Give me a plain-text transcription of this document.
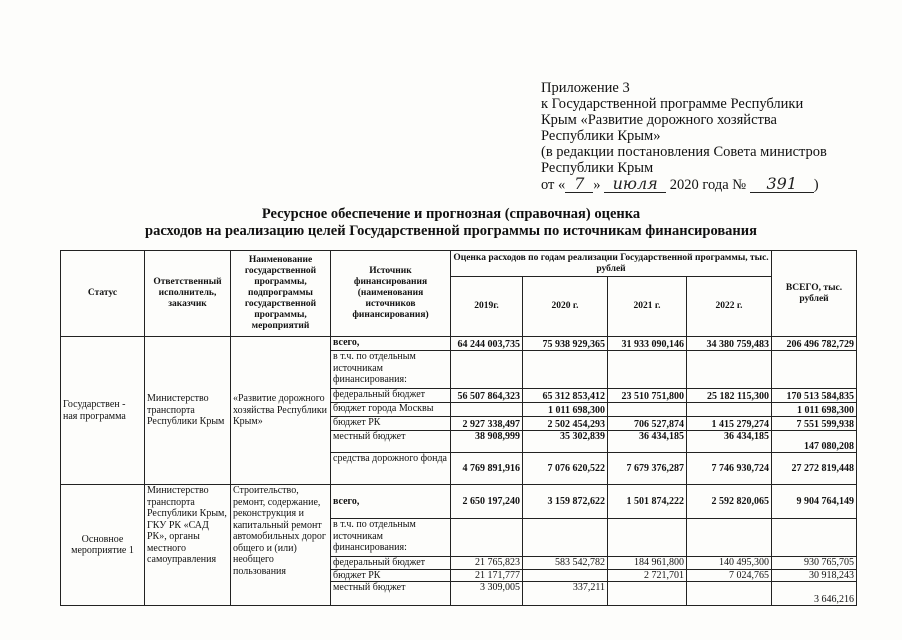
Приложение 3
к Государственной программе Республики
Крым «Развитие дорожного хозяйства
Республики Крым»
(в редакции постановления Совета министров
Республики Крым
от « 7 » июля 2020 года № 391 )
Ресурсное обеспечение и прогнозная (справочная) оценка
расходов на реализацию целей Государственной программы по источникам финансирования
Статус	Ответственный исполнитель, заказчик	Наименование государственной программы, подпрограммы государственной программы, мероприятий	Источник финансирования (наименования источников финансирования)	Оценка расходов по годам реализации Государственной программы, тыс. рублей				ВСЕГО, тыс. рублей
				2019г.	2020 г.	2021 г.	2022 г.	
Государствен - ная программа	Министерство транспорта Республики Крым	«Развитие дорожного хозяйства Республики Крым»	всего,	64 244 003,735	75 938 929,365	31 933 090,146	34 380 759,483	206 496 782,729
			в т.ч. по отдельным источникам финансирования:					
			федеральный бюджет	56 507 864,323	65 312 853,412	23 510 751,800	25 182 115,300	170 513 584,835
			бюджет города Москвы		1 011 698,300			1 011 698,300
			бюджет РК	2 927 338,497	2 502 454,293	706 527,874	1 415 279,274	7 551 599,938
			местный бюджет	38 908,999	35 302,839	36 434,185	36 434,185	147 080,208
			средства дорожного фонда	4 769 891,916	7 076 620,522	7 679 376,287	7 746 930,724	27 272 819,448
Основное мероприятие 1	Министерство транспорта Республики Крым, ГКУ РК «САД РК», органы местного самоуправления	Строительство, ремонт, содержание, реконструкция и капитальный ремонт автомобильных дорог общего и (или) необщего пользования	всего,	2 650 197,240	3 159 872,622	1 501 874,222	2 592 820,065	9 904 764,149
			в т.ч. по отдельным источникам финансирования:					
			федеральный бюджет	21 765,823	583 542,782	184 961,800	140 495,300	930 765,705
			бюджет РК	21 171,777		2 721,701	7 024,765	30 918,243
			местный бюджет	3 309,005	337,211			3 646,216
